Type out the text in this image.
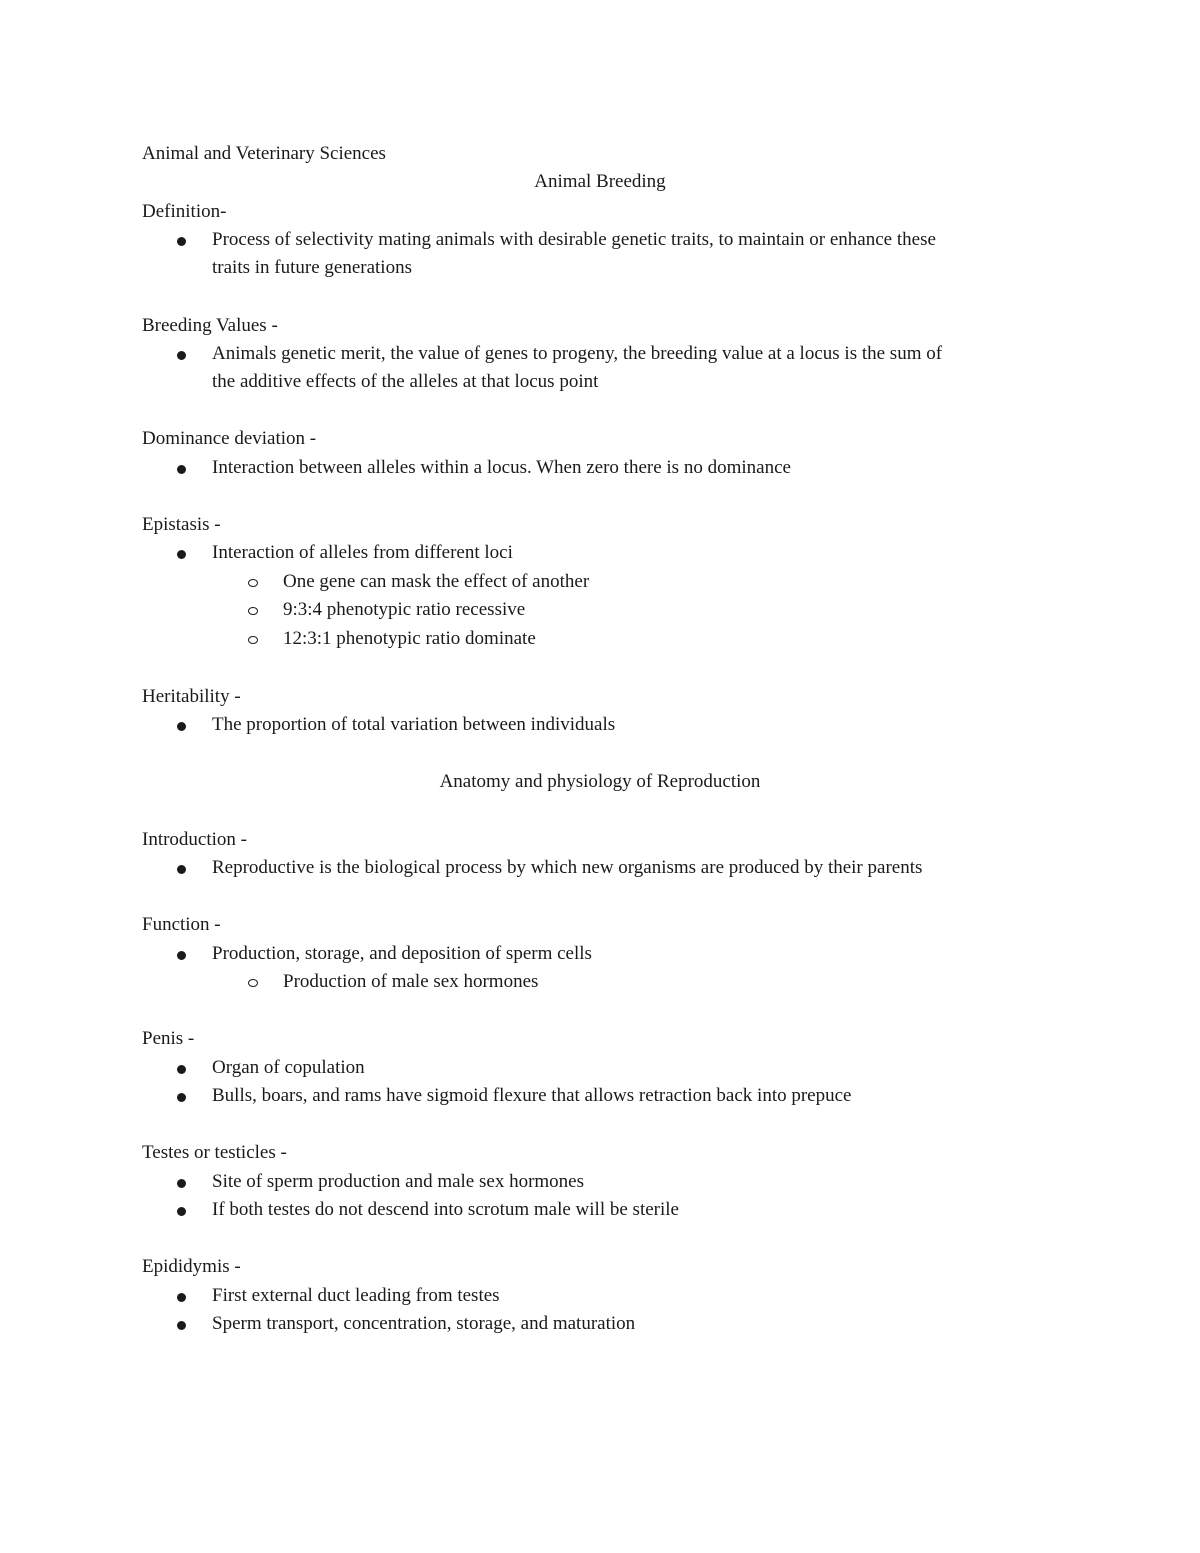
Animal and Veterinary Sciences
Animal Breeding
Definition-
Process of selectivity mating animals with desirable genetic traits, to maintain or enhance these
traits in future generations
Breeding Values -
Animals genetic merit, the value of genes to progeny, the breeding value at a locus is the sum of
the additive effects of the alleles at that locus point
Dominance deviation -
Interaction between alleles within a locus. When zero there is no dominance
Epistasis -
Interaction of alleles from different loci
One gene can mask the effect of another
9:3:4 phenotypic ratio recessive
12:3:1 phenotypic ratio dominate
Heritability -
The proportion of total variation between individuals
Anatomy and physiology of Reproduction
Introduction -
Reproductive is the biological process by which new organisms are produced by their parents
Function -
Production, storage, and deposition of sperm cells
Production of male sex hormones
Penis -
Organ of copulation
Bulls, boars, and rams have sigmoid flexure that allows retraction back into prepuce
Testes or testicles -
Site of sperm production and male sex hormones
If both testes do not descend into scrotum male will be sterile
Epididymis -
First external duct leading from testes
Sperm transport, concentration, storage, and maturation
